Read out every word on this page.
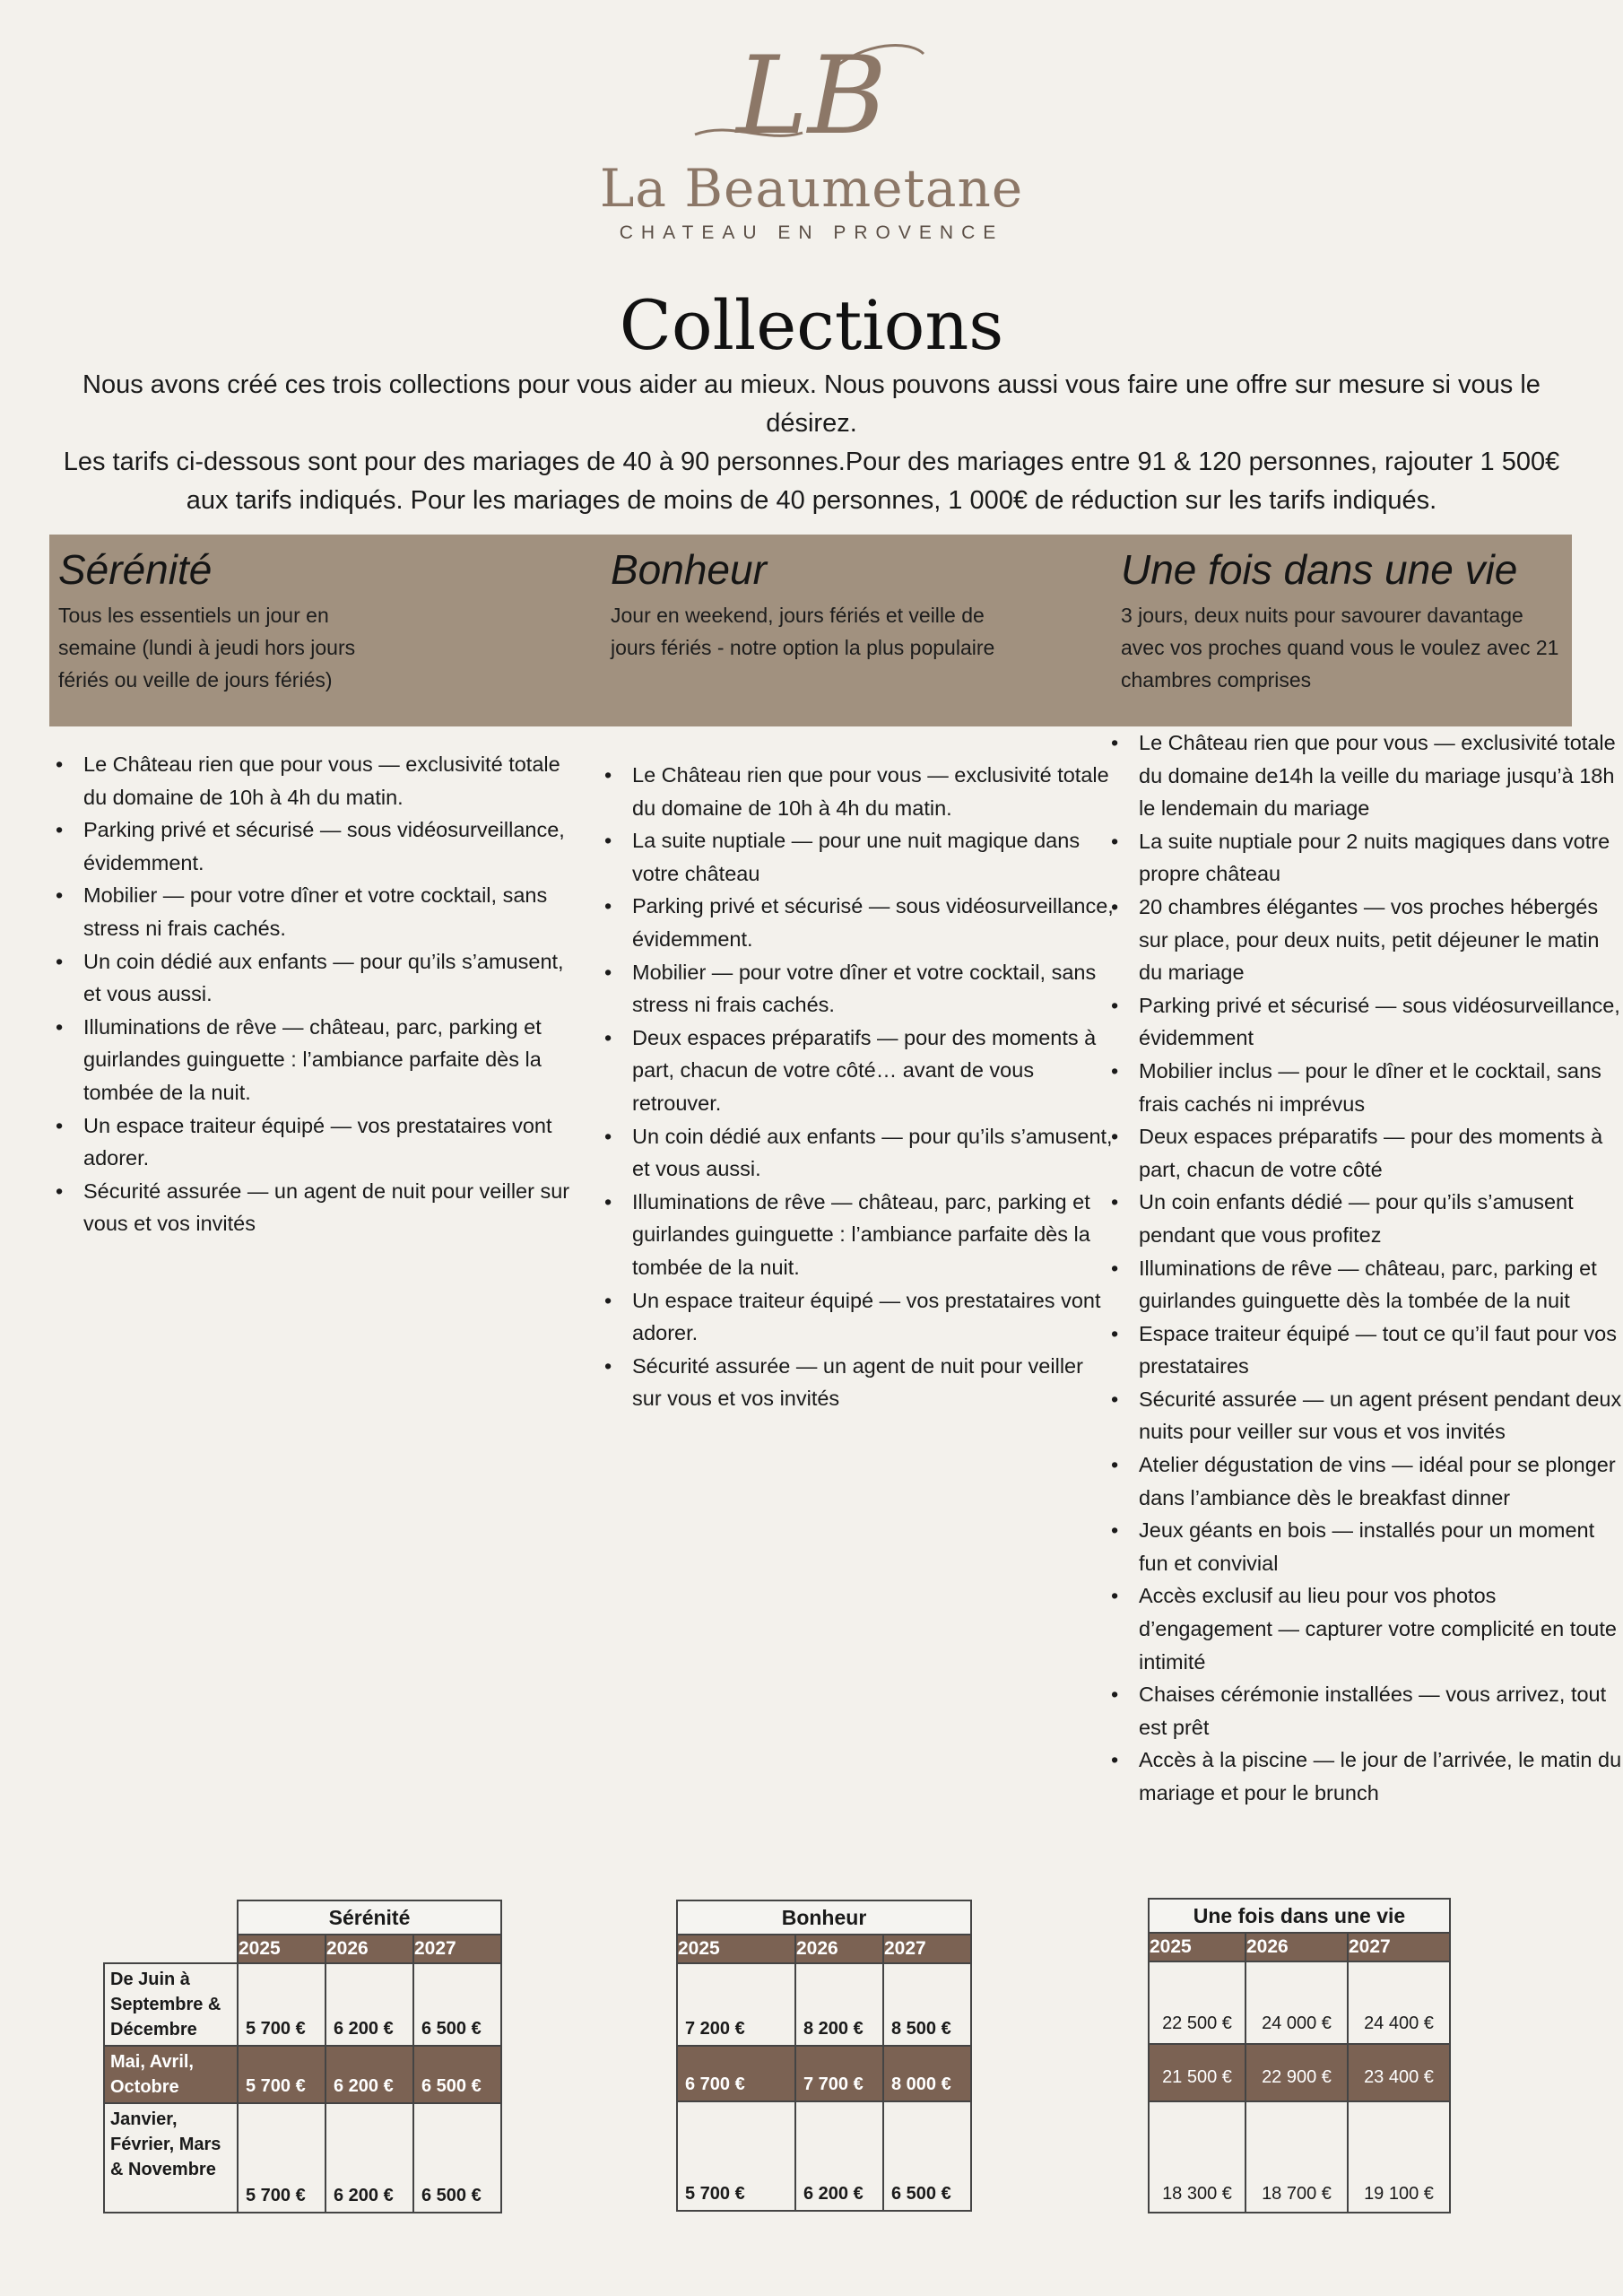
LB
La Beaumetane
CHATEAU EN PROVENCE
Collections
Nous avons créé ces trois collections pour vous aider au mieux. Nous pouvons aussi vous faire une offre sur mesure si vous le désirez.
Les tarifs ci-dessous sont pour des mariages de 40 à 90 personnes.Pour des mariages entre 91 & 120 personnes, rajouter 1 500€ aux tarifs indiqués. Pour les mariages de moins de 40 personnes, 1 000€ de réduction sur les tarifs indiqués.
Sérénité
Tous les essentiels un jour en semaine (lundi à jeudi hors jours fériés ou veille de jours fériés)
Bonheur
Jour en weekend, jours fériés et veille de jours fériés - notre option la plus populaire
Une fois dans une vie
3 jours, deux nuits pour savourer davantage avec vos proches quand vous le voulez avec 21 chambres comprises
• Le Château rien que pour vous — exclusivité totale du domaine de 10h à 4h du matin.
• Parking privé et sécurisé — sous vidéosurveillance, évidemment.
• Mobilier — pour votre dîner et votre cocktail, sans stress ni frais cachés.
• Un coin dédié aux enfants — pour qu’ils s’amusent, et vous aussi.
• Illuminations de rêve — château, parc, parking et guirlandes guinguette : l’ambiance parfaite dès la tombée de la nuit.
• Un espace traiteur équipé — vos prestataires vont adorer.
• Sécurité assurée — un agent de nuit pour veiller sur vous et vos invités
• Le Château rien que pour vous — exclusivité totale du domaine de 10h à 4h du matin.
• La suite nuptiale — pour une nuit magique dans votre château
• Parking privé et sécurisé — sous vidéosurveillance, évidemment.
• Mobilier — pour votre dîner et votre cocktail, sans stress ni frais cachés.
• Deux espaces préparatifs — pour des moments à part, chacun de votre côté… avant de vous retrouver.
• Un coin dédié aux enfants — pour qu’ils s’amusent, et vous aussi.
• Illuminations de rêve — château, parc, parking et guirlandes guinguette : l’ambiance parfaite dès la tombée de la nuit.
• Un espace traiteur équipé — vos prestataires vont adorer.
• Sécurité assurée — un agent de nuit pour veiller sur vous et vos invités
• Le Château rien que pour vous — exclusivité totale du domaine de14h la veille du mariage jusqu’à 18h le lendemain du mariage
• La suite nuptiale pour 2 nuits magiques dans votre propre château
• 20 chambres élégantes — vos proches hébergés sur place, pour deux nuits, petit déjeuner le matin du mariage
• Parking privé et sécurisé — sous vidéosurveillance, évidemment
• Mobilier inclus — pour le dîner et le cocktail, sans frais cachés ni imprévus
• Deux espaces préparatifs — pour des moments à part, chacun de votre côté
• Un coin enfants dédié — pour qu’ils s’amusent pendant que vous profitez
• Illuminations de rêve — château, parc, parking et guirlandes guinguette dès la tombée de la nuit
• Espace traiteur équipé — tout ce qu’il faut pour vos prestataires
• Sécurité assurée — un agent présent pendant deux nuits pour veiller sur vous et vos invités
• Atelier dégustation de vins — idéal pour se plonger dans l’ambiance dès le breakfast dinner
• Jeux géants en bois — installés pour un moment fun et convivial
• Accès exclusif au lieu pour vos photos d’engagement — capturer votre complicité en toute intimité
• Chaises cérémonie installées — vous arrivez, tout est prêt
• Accès à la piscine — le jour de l’arrivée, le matin du mariage et pour le brunch
	Sérénité		
	2025	2026	2027
De Juin à Septembre & Décembre	5 700 €	6 200 €	6 500 €
Mai, Avril, Octobre	5 700 €	6 200 €	6 500 €
Janvier, Février, Mars & Novembre	5 700 €	6 200 €	6 500 €
Bonheur		
2025	2026	2027
7 200 €	8 200 €	8 500 €
6 700 €	7 700 €	8 000 €
5 700 €	6 200 €	6 500 €
Une fois dans une vie		
2025	2026	2027
22 500 €	24 000 €	24 400 €
21 500 €	22 900 €	23 400 €
18 300 €	18 700 €	19 100 €
